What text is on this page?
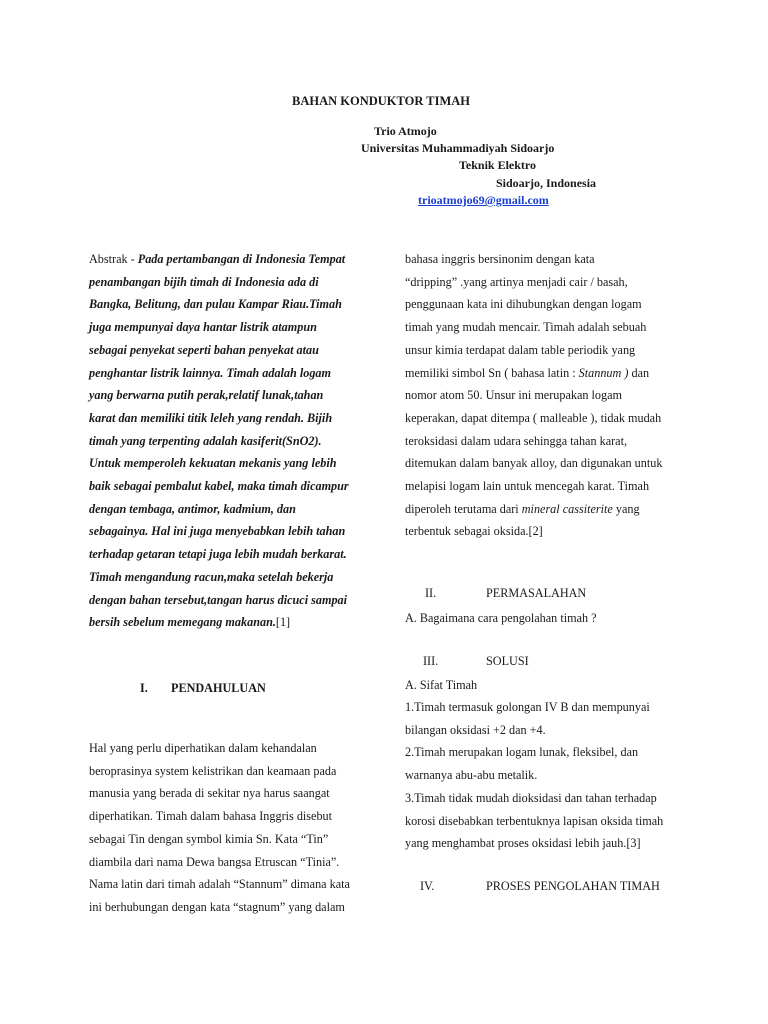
BAHAN KONDUKTOR TIMAH
Trio Atmojo
Universitas Muhammadiyah Sidoarjo
Teknik Elektro
Sidoarjo, Indonesia
trioatmojo69@gmail.com
Abstrak - Pada pertambangan di Indonesia Tempat
penambangan bijih timah di Indonesia ada di
Bangka, Belitung, dan pulau Kampar Riau.Timah
juga mempunyai daya hantar listrik atampun
sebagai penyekat seperti bahan penyekat atau
penghantar listrik lainnya. Timah adalah logam
yang berwarna putih perak,relatif lunak,tahan
karat dan memiliki titik leleh yang rendah. Bijih
timah yang terpenting adalah kasiferit(SnO2).
Untuk memperoleh kekuatan mekanis yang lebih
baik sebagai pembalut kabel, maka timah dicampur
dengan tembaga, antimor, kadmium, dan
sebagainya. Hal ini juga menyebabkan lebih tahan
terhadap getaran tetapi juga lebih mudah berkarat.
Timah mengandung racun,maka setelah bekerja
dengan bahan tersebut,tangan harus dicuci sampai
bersih sebelum memegang makanan.[1]
I. PENDAHULUAN
Hal yang perlu diperhatikan dalam kehandalan
beroprasinya system kelistrikan dan keamaan pada
manusia yang berada di sekitar nya harus saangat
diperhatikan. Timah dalam bahasa Inggris disebut
sebagai Tin dengan symbol kimia Sn. Kata “Tin”
diambila dari nama Dewa bangsa Etruscan “Tinia”.
Nama latin dari timah adalah “Stannum” dimana kata
ini berhubungan dengan kata “stagnum” yang dalam
bahasa inggris bersinonim dengan kata
“dripping” .yang artinya menjadi cair / basah,
penggunaan kata ini dihubungkan dengan logam
timah yang mudah mencair. Timah adalah sebuah
unsur kimia terdapat dalam table periodik yang
memiliki simbol Sn ( bahasa latin : Stannum ) dan
nomor atom 50. Unsur ini merupakan logam
keperakan, dapat ditempa ( malleable ), tidak mudah
teroksidasi dalam udara sehingga tahan karat,
ditemukan dalam banyak alloy, dan digunakan untuk
melapisi logam lain untuk mencegah karat. Timah
diperoleh terutama dari mineral cassiterite yang
terbentuk sebagai oksida.[2]
II.	PERMASALAHAN
A. Bagaimana cara pengolahan timah ?
III.	SOLUSI
A. Sifat Timah
1.Timah termasuk golongan IV B dan mempunyai
bilangan oksidasi +2 dan +4.
2.Timah merupakan logam lunak, fleksibel, dan
warnanya abu-abu metalik.
3.Timah tidak mudah dioksidasi dan tahan terhadap
korosi disebabkan terbentuknya lapisan oksida timah
yang menghambat proses oksidasi lebih jauh.[3]
IV.	PROSES PENGOLAHAN TIMAH
